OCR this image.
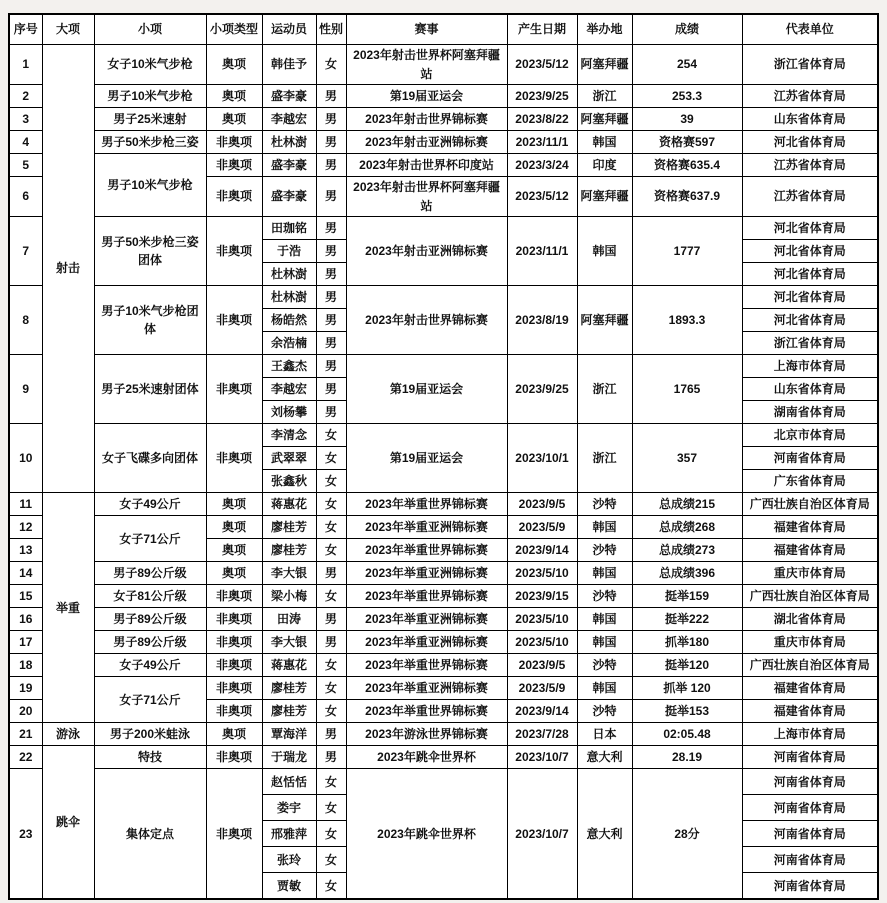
序号	大项	小项	小项类型	运动员	性别	赛事	产生日期	举办地	成绩	代表单位
1	射击	女子10米气步枪	奥项	韩佳予	女	2023年射击世界杯阿塞拜疆站	2023/5/12	阿塞拜疆	254	浙江省体育局
2		男子10米气步枪	奥项	盛李豪	男	第19届亚运会	2023/9/25	浙江	253.3	江苏省体育局
3		男子25米速射	奥项	李越宏	男	2023年射击世界锦标赛	2023/8/22	阿塞拜疆	39	山东省体育局
4		男子50米步枪三姿	非奥项	杜林澍	男	2023年射击亚洲锦标赛	2023/11/1	韩国	资格赛597	河北省体育局
5		男子10米气步枪	非奥项	盛李豪	男	2023年射击世界杯印度站	2023/3/24	印度	资格赛635.4	江苏省体育局
6			非奥项	盛李豪	男	2023年射击世界杯阿塞拜疆站	2023/5/12	阿塞拜疆	资格赛637.9	江苏省体育局
7		男子50米步枪三姿团体	非奥项	田珈铭	男	2023年射击亚洲锦标赛	2023/11/1	韩国	1777	河北省体育局
				于浩	男					河北省体育局
				杜林澍	男					河北省体育局
8		男子10米气步枪团体	非奥项	杜林澍	男	2023年射击世界锦标赛	2023/8/19	阿塞拜疆	1893.3	河北省体育局
				杨皓然	男					河北省体育局
				余浩楠	男					浙江省体育局
9		男子25米速射团体	非奥项	王鑫杰	男	第19届亚运会	2023/9/25	浙江	1765	上海市体育局
				李越宏	男					山东省体育局
				刘杨攀	男					湖南省体育局
10		女子飞碟多向团体	非奥项	李清念	女	第19届亚运会	2023/10/1	浙江	357	北京市体育局
				武翠翠	女					河南省体育局
				张鑫秋	女					广东省体育局
11	举重	女子49公斤	奥项	蒋惠花	女	2023年举重世界锦标赛	2023/9/5	沙特	总成绩215	广西壮族自治区体育局
12		女子71公斤	奥项	廖桂芳	女	2023年举重亚洲锦标赛	2023/5/9	韩国	总成绩268	福建省体育局
13			奥项	廖桂芳	女	2023年举重世界锦标赛	2023/9/14	沙特	总成绩273	福建省体育局
14		男子89公斤级	奥项	李大银	男	2023年举重亚洲锦标赛	2023/5/10	韩国	总成绩396	重庆市体育局
15		女子81公斤级	非奥项	梁小梅	女	2023年举重世界锦标赛	2023/9/15	沙特	挺举159	广西壮族自治区体育局
16		男子89公斤级	非奥项	田涛	男	2023年举重亚洲锦标赛	2023/5/10	韩国	挺举222	湖北省体育局
17		男子89公斤级	非奥项	李大银	男	2023年举重亚洲锦标赛	2023/5/10	韩国	抓举180	重庆市体育局
18		女子49公斤	非奥项	蒋惠花	女	2023年举重世界锦标赛	2023/9/5	沙特	挺举120	广西壮族自治区体育局
19		女子71公斤	非奥项	廖桂芳	女	2023年举重亚洲锦标赛	2023/5/9	韩国	抓举 120	福建省体育局
20			非奥项	廖桂芳	女	2023年举重世界锦标赛	2023/9/14	沙特	挺举153	福建省体育局
21	游泳	男子200米蛙泳	奥项	覃海洋	男	2023年游泳世界锦标赛	2023/7/28	日本	02:05.48	上海市体育局
22	跳伞	特技	非奥项	于瑞龙	男	2023年跳伞世界杯	2023/10/7	意大利	28.19	河南省体育局
23		集体定点	非奥项	赵恬恬	女	2023年跳伞世界杯	2023/10/7	意大利	28分	河南省体育局
				娄宇	女					河南省体育局
				邢雅萍	女					河南省体育局
				张玲	女					河南省体育局
				贾敏	女					河南省体育局
